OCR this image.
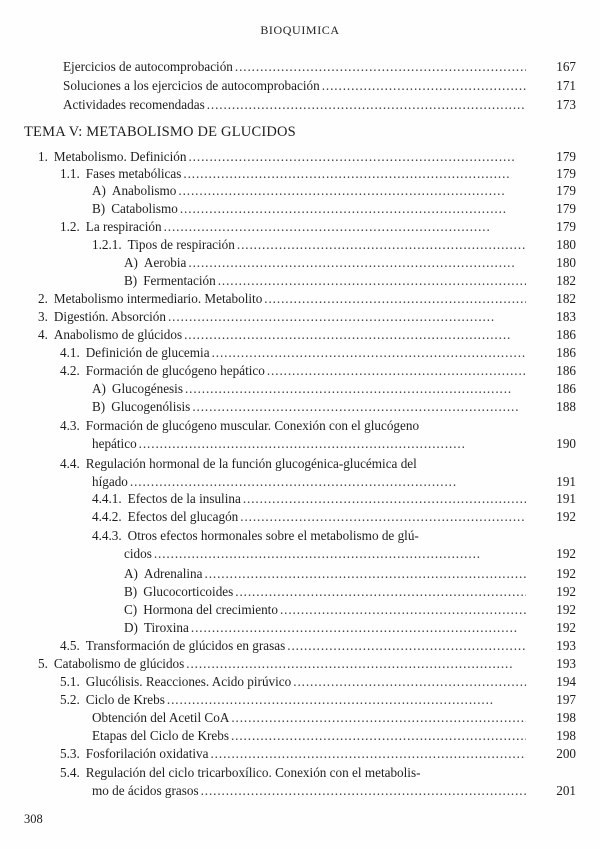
BIOQUIMICA
TEMA V: METABOLISMO DE GLUCIDOS
Ejercicios de autocomprobación . . .	167
Soluciones a los ejercicios de autocomprobación . . .	171
Actividades recomendadas . . .	173
1. Metabolismo. Definición . . .	179
1.1. Fases metabólicas . . .	179
A) Anabolismo . . .	179
B) Catabolismo . . .	179
1.2. La respiración . . .	179
1.2.1. Tipos de respiración . . .	180
A) Aerobia . . .	180
B) Fermentación . . .	182
2. Metabolismo intermediario. Metabolito . . .	182
3. Digestión. Absorción . . .	183
4. Anabolismo de glúcidos . . .	186
4.1. Definición de glucemia . . .	186
4.2. Formación de glucógeno hepático . . .	186
A) Glucogénesis . . .	186
B) Glucogenólisis . . .	188
4.3. Formación de glucógeno muscular. Conexión con el glucógeno
hepático . . .	190
4.4. Regulación hormonal de la función glucogénica-glucémica del
hígado . . .	191
4.4.1. Efectos de la insulina . . .	191
4.4.2. Efectos del glucagón . . .	192
4.4.3. Otros efectos hormonales sobre el metabolismo de glú-
cidos . . .	192
A) Adrenalina . . .	192
B) Glucocorticoides . . .	192
C) Hormona del crecimiento . . .	192
D) Tiroxina . . .	192
4.5. Transformación de glúcidos en grasas . . .	193
5. Catabolismo de glúcidos . . .	193
5.1. Glucólisis. Reacciones. Acido pirúvico . . .	194
5.2. Ciclo de Krebs . . .	197
Obtención del Acetil CoA . . .	198
Etapas del Ciclo de Krebs . . .	198
5.3. Fosforilación oxidativa . . .	200
5.4. Regulación del ciclo tricarboxílico. Conexión con el metabolis-
mo de ácidos grasos . . .	201
308
